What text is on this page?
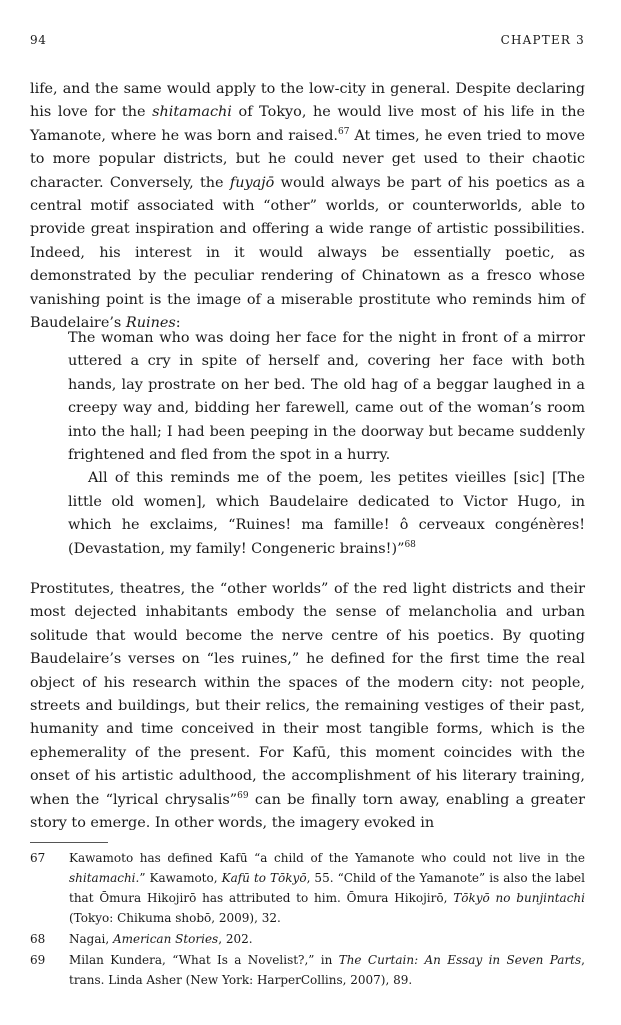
94	CHAPTER 3

life, and the same would apply to the low-city in general. Despite declaring his love for the shitamachi of Tokyo, he would live most of his life in the Yamanote, where he was born and raised.$^{67}$ At times, he even tried to move to more popular districts, but he could never get used to their chaotic character. Conversely, the fuyajō would always be part of his poetics as a central motif associated with “other” worlds, or counterworlds, able to provide great inspiration and offering a wide range of artistic possibilities. Indeed, his interest in it would always be essentially poetic, as demonstrated by the peculiar rendering of Chinatown as a fresco whose vanishing point is the image of a miserable prostitute who reminds him of Baudelaire’s Ruines:

The woman who was doing her face for the night in front of a mirror uttered a cry in spite of herself and, covering her face with both hands, lay prostrate on her bed. The old hag of a beggar laughed in a creepy way and, bidding her farewell, came out of the woman’s room into the hall; I had been peeping in the doorway but became suddenly frightened and fled from the spot in a hurry.

All of this reminds me of the poem, les petites vieilles [sic] [The little old women], which Baudelaire dedicated to Victor Hugo, in which he exclaims, “Ruines! ma famille! ô cerveaux congénères! (Devastation, my family! Congeneric brains!)”$^{68}$

Prostitutes, theatres, the “other worlds” of the red light districts and their most dejected inhabitants embody the sense of melancholia and urban solitude that would become the nerve centre of his poetics. By quoting Baudelaire’s verses on “les ruines,” he defined for the first time the real object of his research within the spaces of the modern city: not people, streets and buildings, but their relics, the remaining vestiges of their past, humanity and time conceived in their most tangible forms, which is the ephemerality of the present. For Kafū, this moment coincides with the onset of his artistic adulthood, the accomplishment of his literary training, when the “lyrical chrysalis”$^{69}$ can be finally torn away, enabling a greater story to emerge. In other words, the imagery evoked in

67 Kawamoto has defined Kafū “a child of the Yamanote who could not live in the shitamachi.” Kawamoto, Kafū to Tōkyō, 55. “Child of the Yamanote” is also the label that Ōmura Hikojirō has attributed to him. Ōmura Hikojirō, Tōkyō no bunjintachi (Tokyo: Chikuma shobō, 2009), 32.
68 Nagai, American Stories, 202.
69 Milan Kundera, “What Is a Novelist?,” in The Curtain: An Essay in Seven Parts, trans. Linda Asher (New York: HarperCollins, 2007), 89.
